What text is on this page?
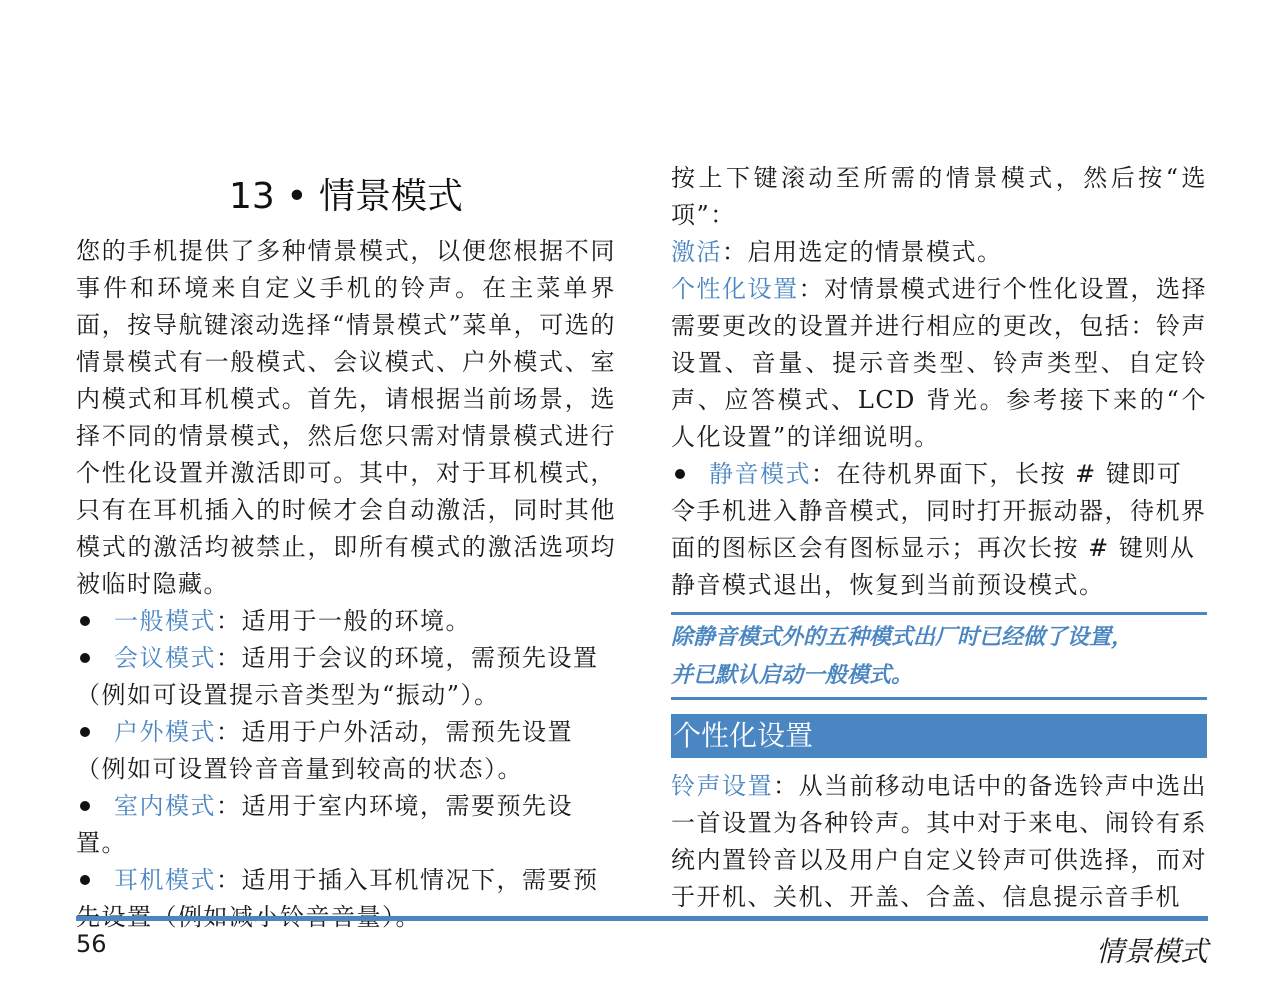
13 • 情景模式

您的手机提供了多种情景模式，以便您根据不同事件和环境来自定义手机的铃声。在主菜单界面，按导航键滚动选择“情景模式”菜单，可选的情景模式有一般模式、会议模式、户外模式、室内模式和耳机模式。首先，请根据当前场景，选择不同的情景模式，然后您只需对情景模式进行个性化设置并激活即可。其中，对于耳机模式，只有在耳机插入的时候才会自动激活，同时其他模式的激活均被禁止，即所有模式的激活选项均被临时隐藏。

一般模式：适用于一般的环境。

会议模式：适用于会议的环境，需预先设置（例如可设置提示音类型为“振动”）。

户外模式：适用于户外活动，需预先设置（例如可设置铃音音量到较高的状态）。

室内模式：适用于室内环境，需要预先设置。

耳机模式：适用于插入耳机情况下，需要预

按上下键滚动至所需的情景模式，然后按“选项”：

激活：启用选定的情景模式。

个性化设置：对情景模式进行个性化设置，选择需要更改的设置并进行相应的更改，包括：铃声设置、音量、提示音类型、铃声类型、自定铃声、应答模式、LCD 背光。参考接下来的“个人化设置”的详细说明。

静音模式：在待机界面下，长按 # 键即可令手机进入静音模式，同时打开振动器，待机界面的图标区会有图标显示；再次长按 # 键则从静音模式退出，恢复到当前预设模式。

除静音模式外的五种模式出厂时已经做了设置，

并已默认启动一般模式。

个性化设置

铃声设置：从当前移动电话中的备选铃声中选出一首设置为各种铃声。其中对于来电、闹铃有系统内置铃音以及用户自定义铃声可供选择，而对于开机、关机、开盖、合盖、信息提示音手机

56	情景模式
